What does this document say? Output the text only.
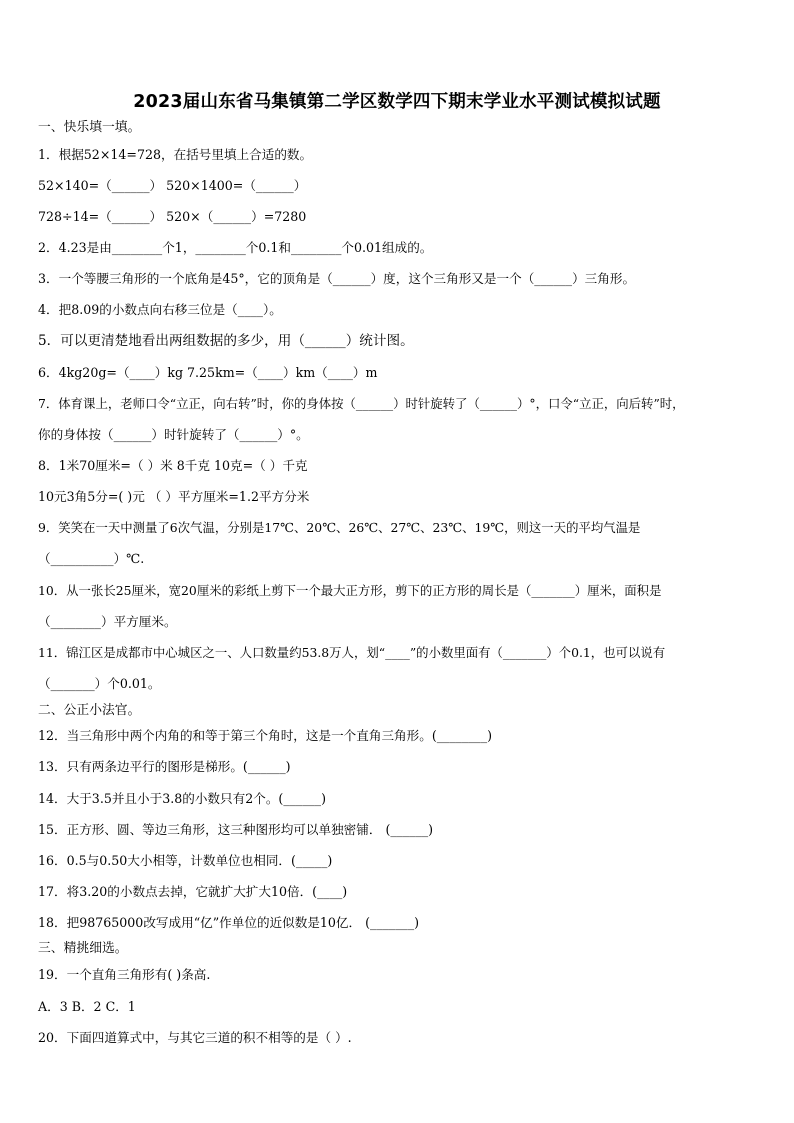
2023届山东省马集镇第二学区数学四下期末学业水平测试模拟试题
一、快乐填一填。
1．根据52×14=728，在括号里填上合适的数。
52×140=（______） 520×1400=（______）
728÷14=（______） 520×（______）=7280
2．4.23是由________个1，________个0.1和________个0.01组成的。
3．一个等腰三角形的一个底角是45°，它的顶角是（______）度，这个三角形又是一个（______）三角形。
4．把8.09的小数点向右移三位是（____）。
5．可以更清楚地看出两组数据的多少，用（______）统计图。
6．4kg20g=（____）kg 7.25km=（____）km（____）m
7．体育课上，老师口令“立正，向右转”时，你的身体按（______）时针旋转了（______）°，口令“立正，向后转”时，
你的身体按（______）时针旋转了（______）°。
8．1米70厘米=（ ）米 8千克 10克=（ ）千克
10元3角5分=( )元 （ ）平方厘米=1.2平方分米
9．笑笑在一天中测量了6次气温，分别是17℃、20℃、26℃、27℃、23℃、19℃，则这一天的平均气温是
（__________）℃.
10．从一张长25厘米，宽20厘米的彩纸上剪下一个最大正方形，剪下的正方形的周长是（_______）厘米，面积是
（________）平方厘米。
11．锦江区是成都市中心城区之一、人口数量约53.8万人，划“____”的小数里面有（_______）个0.1，也可以说有
（_______）个0.01。
二、公正小法官。
12．当三角形中两个内角的和等于第三个角时，这是一个直角三角形。(________)
13．只有两条边平行的图形是梯形。(______)
14．大于3.5并且小于3.8的小数只有2个。(______)
15．正方形、圆、等边三角形，这三种图形均可以单独密铺． (______)
16．0.5与0.50大小相等，计数单位也相同．(_____)
17．将3.20的小数点去掉，它就扩大扩大10倍．(____)
18．把98765000改写成用“亿”作单位的近似数是10亿． (_______)
三、精挑细选。
19．一个直角三角形有( )条高.
A．3 B．2 C．1
20．下面四道算式中，与其它三道的积不相等的是（ ）.
